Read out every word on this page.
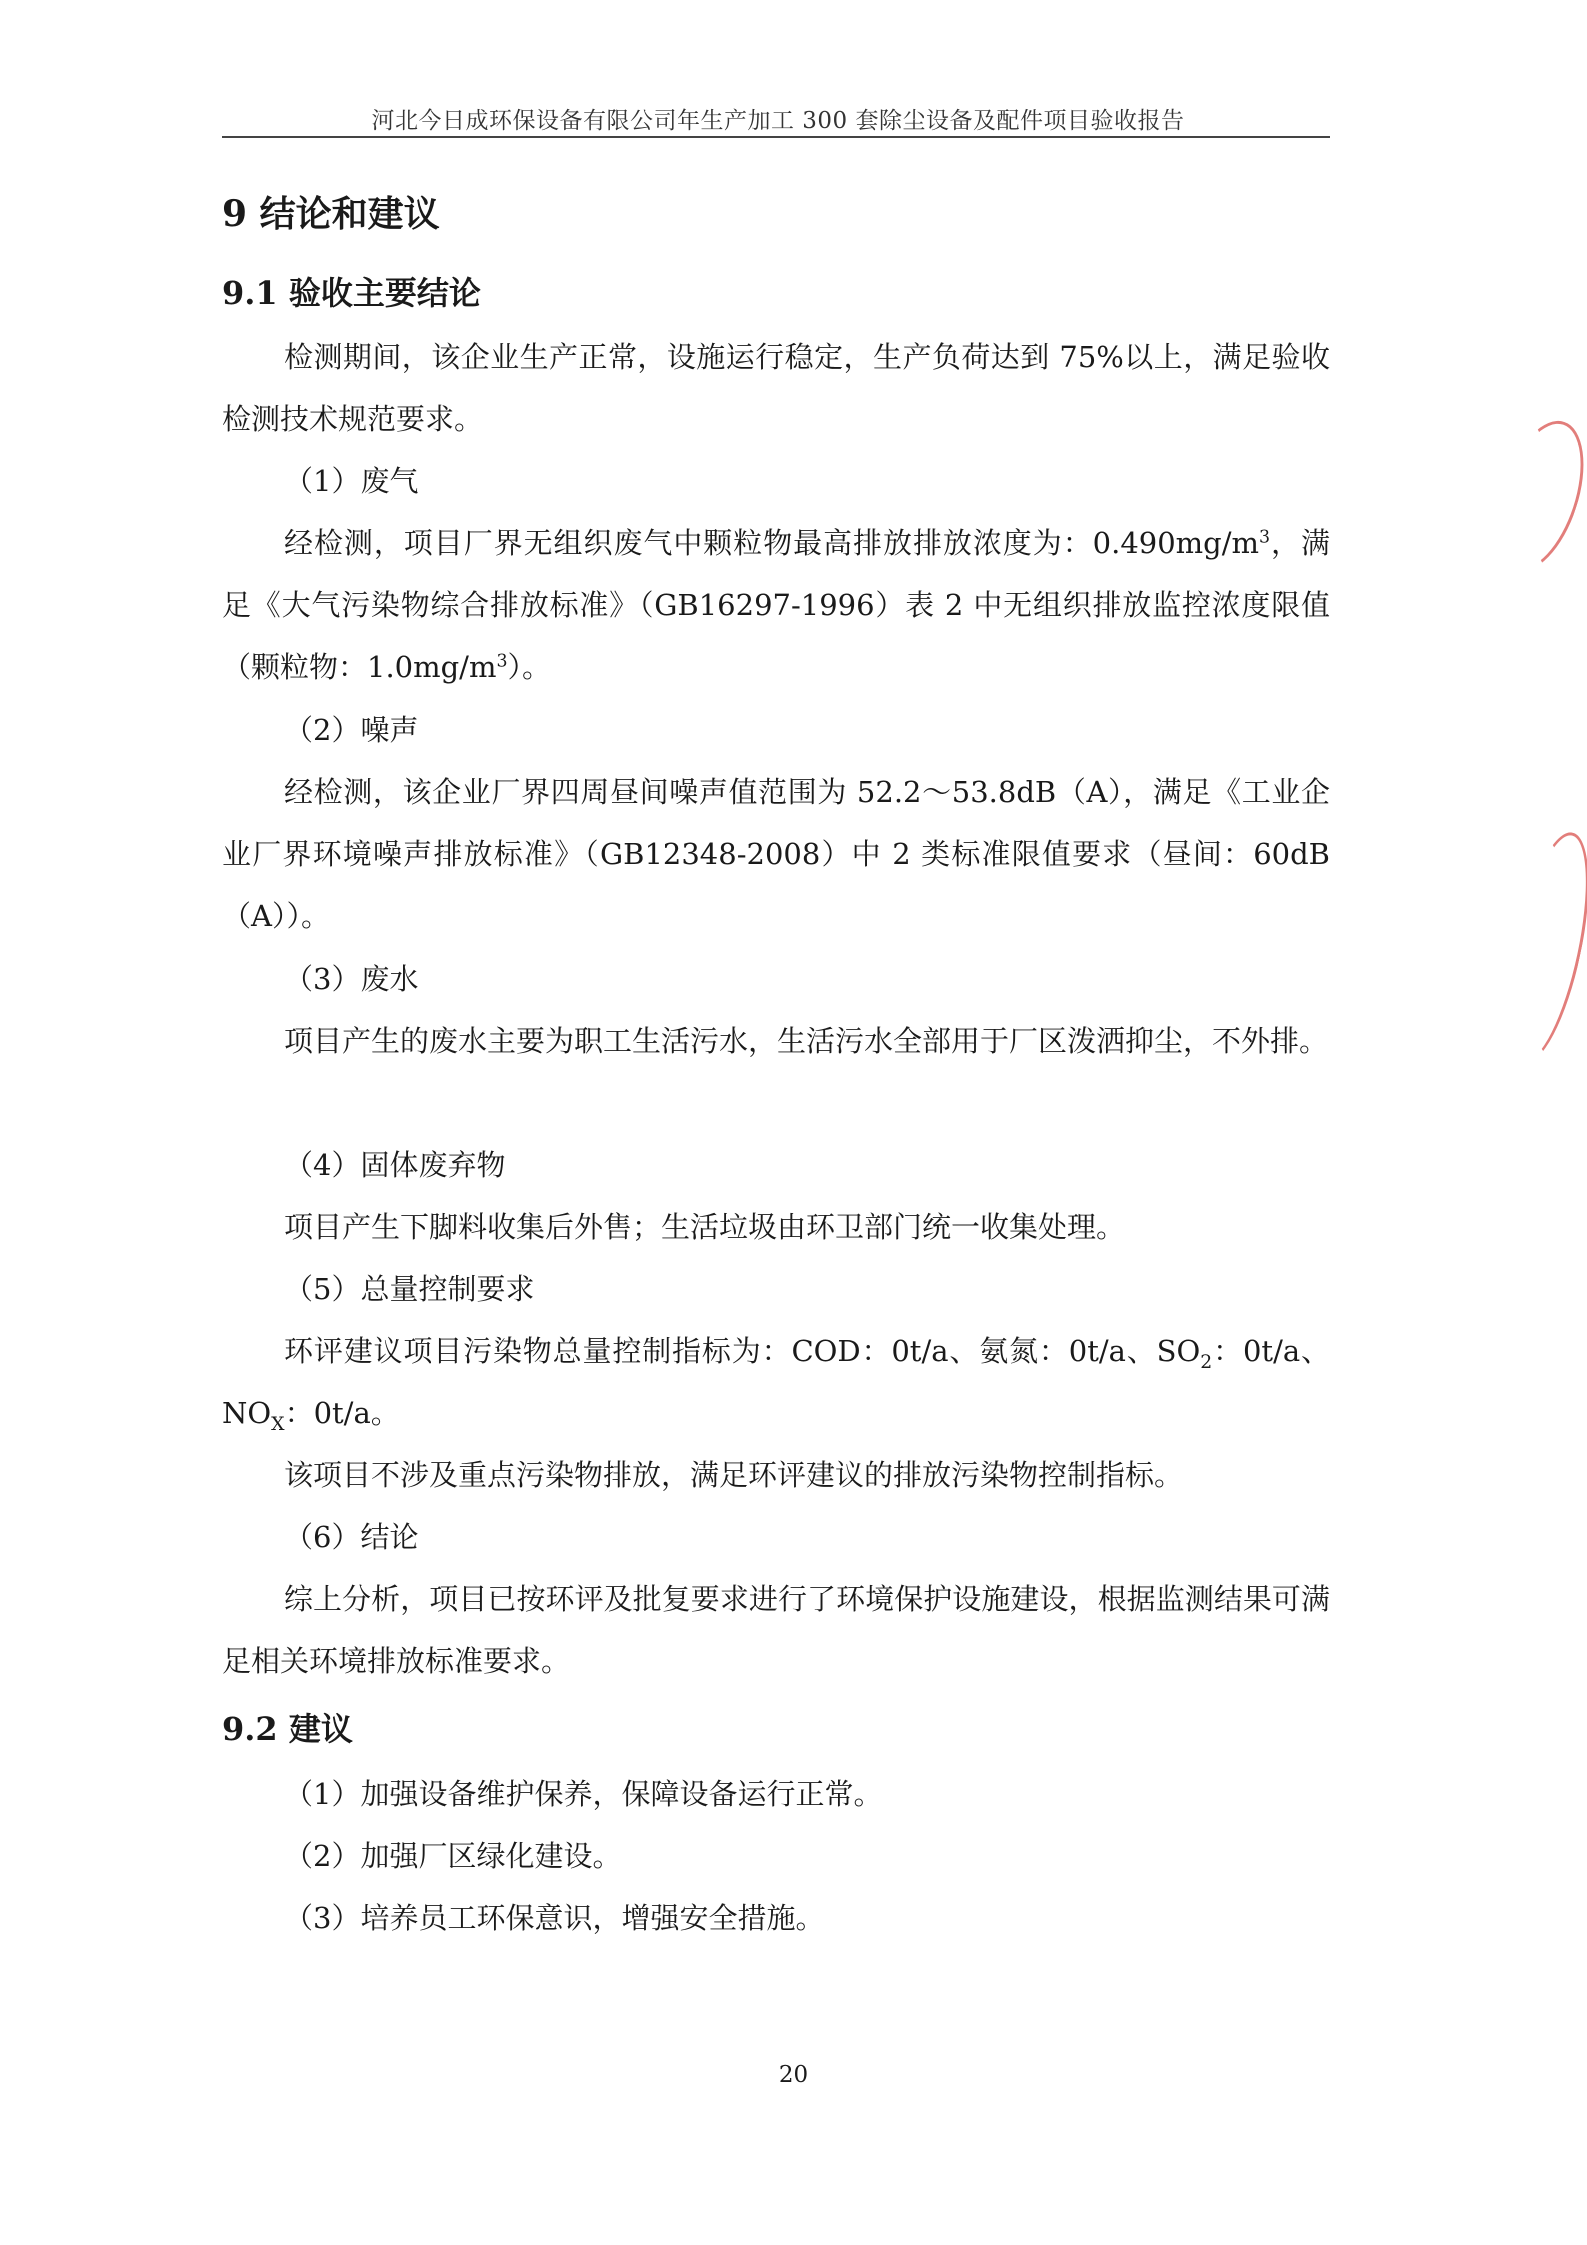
河北今日成环保设备有限公司年生产加工 300 套除尘设备及配件项目验收报告
9 结论和建议
9.1 验收主要结论

检测期间，该企业生产正常，设施运行稳定，生产负荷达到 75%以上，满足验收检测技术规范要求。

（1）废气

经检测，项目厂界无组织废气中颗粒物最高排放排放浓度为：$0.490mg/m^3$，满足《大气污染物综合排放标准》（GB16297-1996）表 2 中无组织排放监控浓度限值（颗粒物：$1.0mg/m^3$）。

（2）噪声

经检测，该企业厂界四周昼间噪声值范围为 52.2～53.8dB（A），满足《工业企业厂界环境噪声排放标准》（GB12348-2008）中 2 类标准限值要求（昼间：60dB（A））。

（3）废水

项目产生的废水主要为职工生活污水，生活污水全部用于厂区泼洒抑尘，不外排。

（4）固体废弃物

项目产生下脚料收集后外售；生活垃圾由环卫部门统一收集处理。

（5）总量控制要求

环评建议项目污染物总量控制指标为：COD：0t/a、氨氮：0t/a、$SO_2$：0t/a、$NO_X$：0t/a。

该项目不涉及重点污染物排放，满足环评建议的排放污染物控制指标。

（6）结论

综上分析，项目已按环评及批复要求进行了环境保护设施建设，根据监测结果可满足相关环境排放标准要求。

9.2 建议
（1）加强设备维护保养，保障设备运行正常。
（2）加强厂区绿化建设。
（3）培养员工环保意识，增强安全措施。
20
